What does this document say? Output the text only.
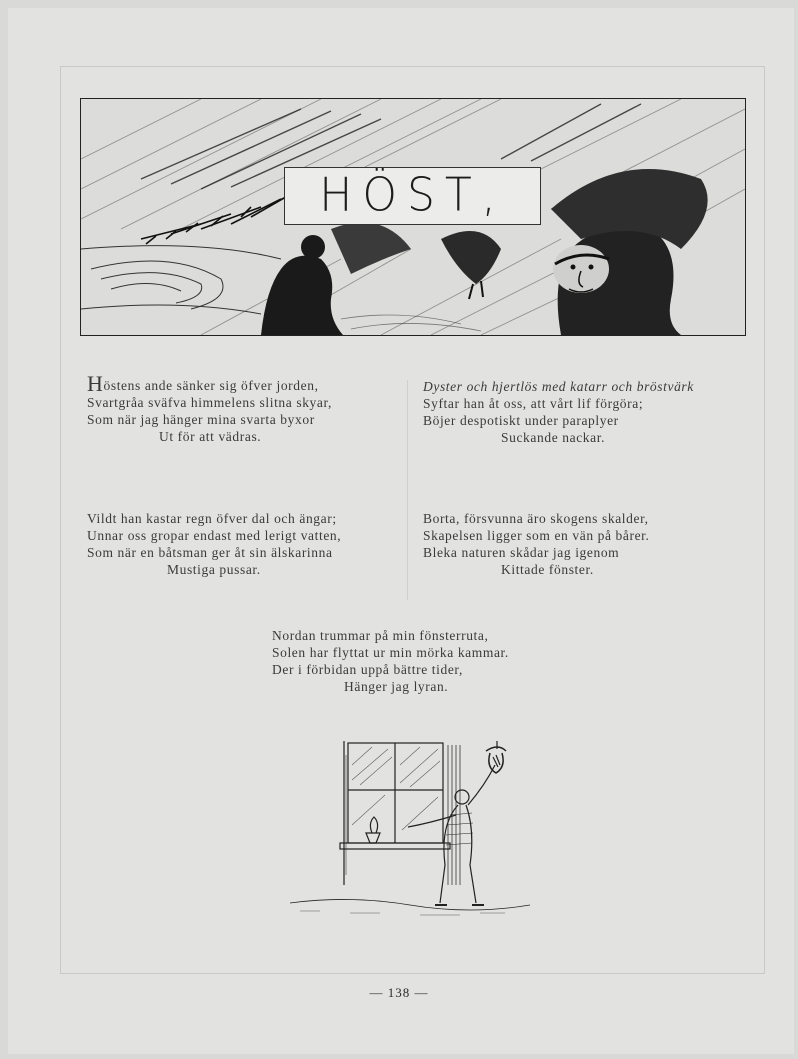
HÖST,
Höstens ande sänker sig öfver jorden,
Svartgråa sväfva himmelens slitna skyar,
Som när jag hänger mina svarta byxor
Ut för att vädras.
Dyster och hjertlös med katarr och bröstvärk
Syftar han åt oss, att vårt lif förgöra;
Böjer despotiskt under paraplyer
Suckande nackar.
Vildt han kastar regn öfver dal och ängar;
Unnar oss gropar endast med lerigt vatten,
Som när en båtsman ger åt sin älskarinna
Mustiga pussar.
Borta, försvunna äro skogens skalder,
Skapelsen ligger som en vän på bårer.
Bleka naturen skådar jag igenom
Kittade fönster.
Nordan trummar på min fönsterruta,
Solen har flyttat ur min mörka kammar.
Der i förbidan uppå bättre tider,
Hänger jag lyran.
— 138 —
